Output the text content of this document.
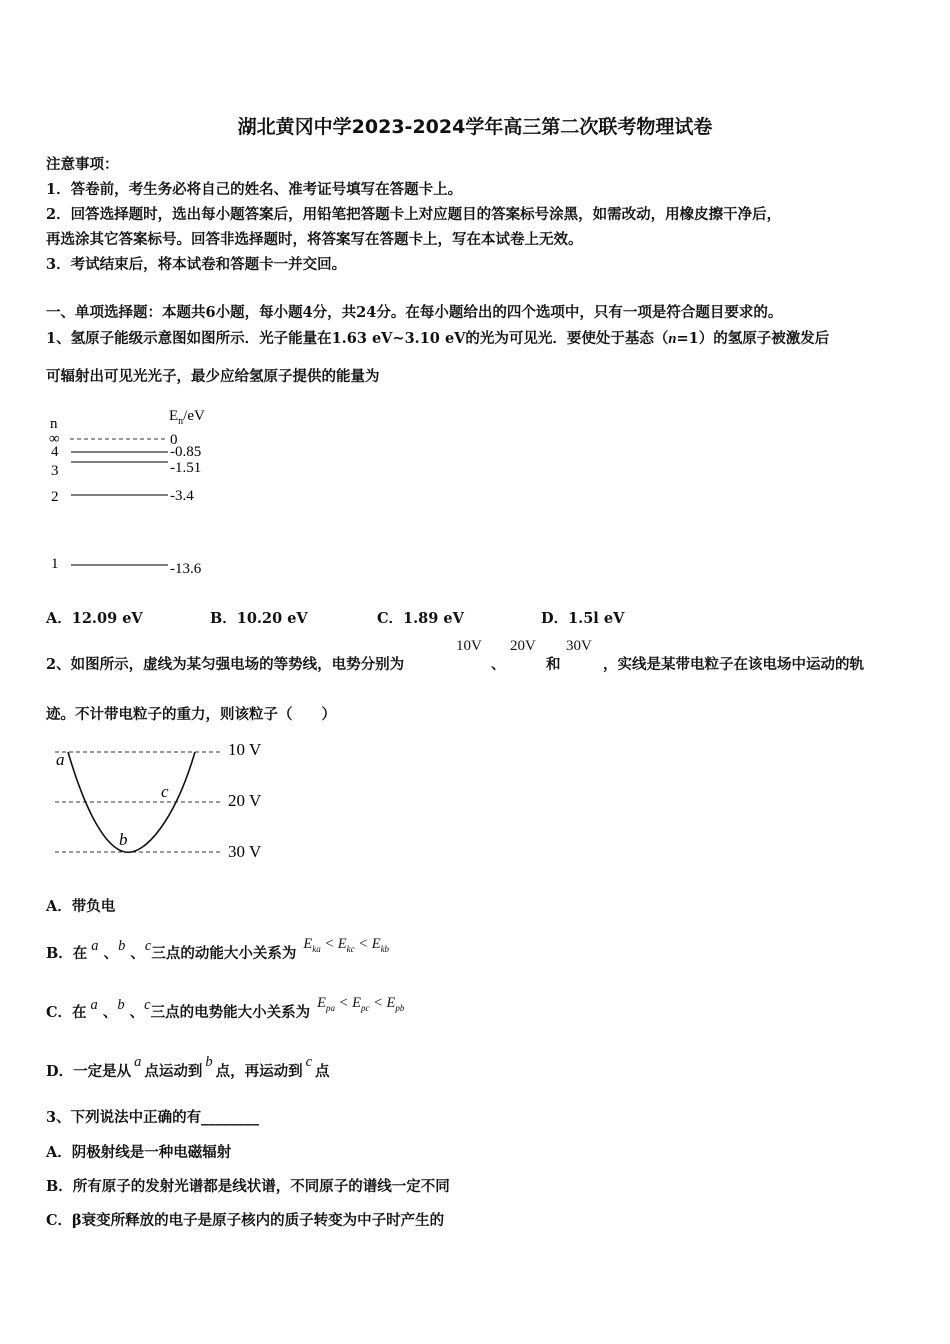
湖北黄冈中学2023-2024学年高三第二次联考物理试卷
注意事项：
1．答卷前，考生务必将自己的姓名、准考证号填写在答题卡上。
2．回答选择题时，选出每小题答案后，用铅笔把答题卡上对应题目的答案标号涂黑，如需改动，用橡皮擦干净后，
再选涂其它答案标号。回答非选择题时，将答案写在答题卡上，写在本试卷上无效。
3．考试结束后，将本试卷和答题卡一并交回。
一、单项选择题：本题共6小题，每小题4分，共24分。在每小题给出的四个选项中，只有一项是符合题目要求的。
1、氢原子能级示意图如图所示．光子能量在1.63 eV~3.10 eV的光为可见光．要使处于基态（n=1）的氢原子被激发后
可辐射出可见光光子，最少应给氢原子提供的能量为
n	$E_n/eV$
∞	0
4	-0.85
3	-1.51
2	-3.4
1	-13.6
A．12.09 eV	B．10.20 eV	C．1.89 eV	D．1.5l eV
2、如图所示，虚线为某匀强电场的等势线，电势分别为
10V
、
20V
和
30V
，实线是某带电粒子在该电场中运动的轨
迹。不计带电粒子的重力，则该粒子（　　）
10 V
20 V
30 V
a
b
c
A．带负电
B．在 a 、b 、c三点的动能大小关系为 $E_{ka} < E_{kc} < E_{kb}$
C．在 a 、b 、c三点的电势能大小关系为 $E_{pa} < E_{pc} < E_{pb}$
D．一定是从a点运动到b点，再运动到c点
3、下列说法中正确的有________
A．阴极射线是一种电磁辐射
B．所有原子的发射光谱都是线状谱，不同原子的谱线一定不同
C．β衰变所释放的电子是原子核内的质子转变为中子时产生的
